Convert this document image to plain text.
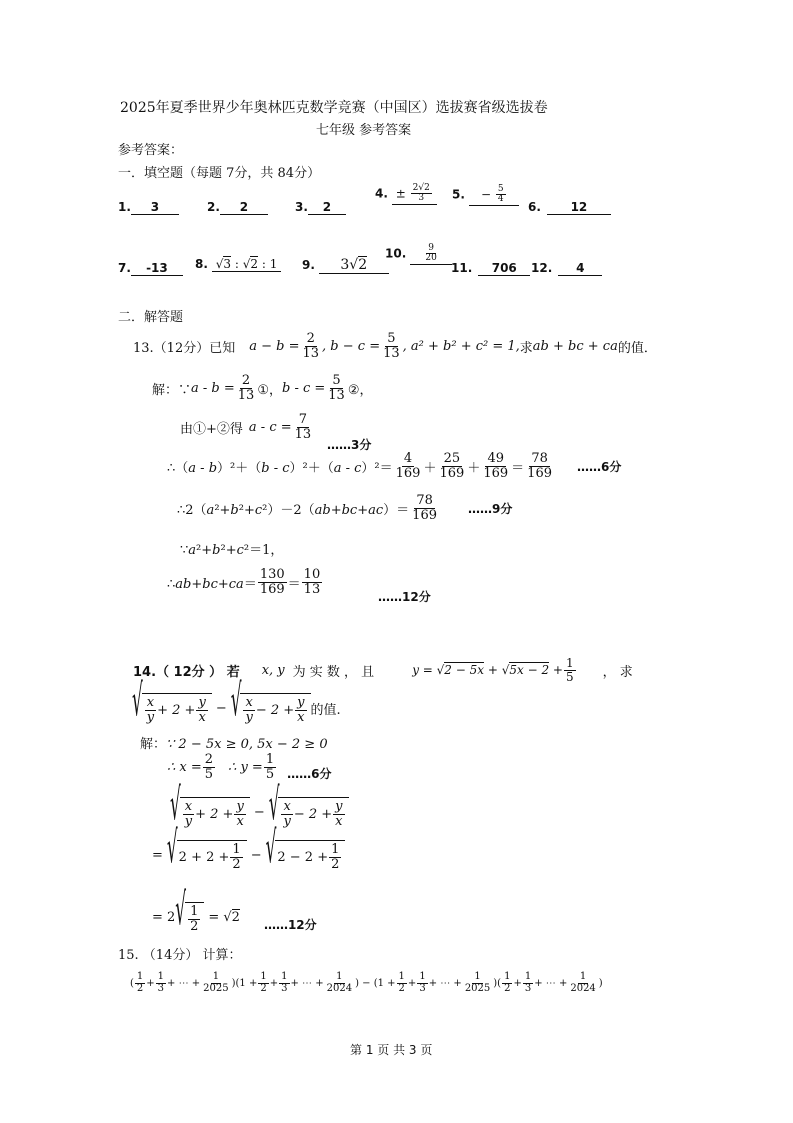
2025年夏季世界少年奥林匹克数学竞赛（中国区）选拔赛省级选拔卷
七年级 参考答案
参考答案：
一．填空题（每题 7分，共 84分）
1. 3	2. 2	3. 2
4. ± $\frac{2√2}{3} 5$. − $\frac{5}{4}$
6. 12
7. -13	8. √3 : √2 : 1	9. 3√2
10. $\frac{9}{20}$
11. 706	12. 4
二．解答题
13.（12分）已知 $a - b = \frac{2}{13}$ , $b - c = \frac{5}{13}$ , a² + b² + c² = 1, 求 ab + bc + ca 的值．
解：∵ $a - b = \frac{2}{13}$ ①， $b - c = \frac{5}{13}$ ②，
由①+②得 $a - c = \frac{7}{13}$
……3分
∴（a - b）²＋（b - c）²＋（a - c）²＝
4
169 ＋
25
169 ＋
49
169 ＝
78
169 ……6分
∴2（a²+b²+c²）－2（ab+bc+ac）＝
78
169	……9分
∵a²+b²+c²＝1，
∴ab+bc+ca＝
130
169 ＝
10
13
……12分
14.（ 12分 ） 若 x, y 为 实 数 ， 且	$y = √2 - 5x + √5x - 2 + \frac{1}{5}$ ， 求
√ x
y + 2 +
y
x
− √ x
y − 2 +
y
x 的值.
解：∵ 2 − 5x ≥ 0, 5x − 2 ≥ 0
∴ $x = \frac{2}{5}$ ∴ $y = \frac{1}{5}$ ……6分
√ x
y + 2 +
y
x
− √ x
y − 2 +
y
x
= √ 2 + 2 +
1
2
− √ 2 − 2 +
1
2
= 2 √ 1
2
= √2 ……12分
15. （14分） 计算：
(
1
2 +
1
3 + ⋯ +
1
2025 )(1 +
1
2 +
1
3 + ⋯ +
1
2024 ) − (1 +
1
2 +
1
3 + ⋯ +
1
2025 )(
1
2 +
1
3 + ⋯ +
1
2024 )
第 1 页 共 3 页
